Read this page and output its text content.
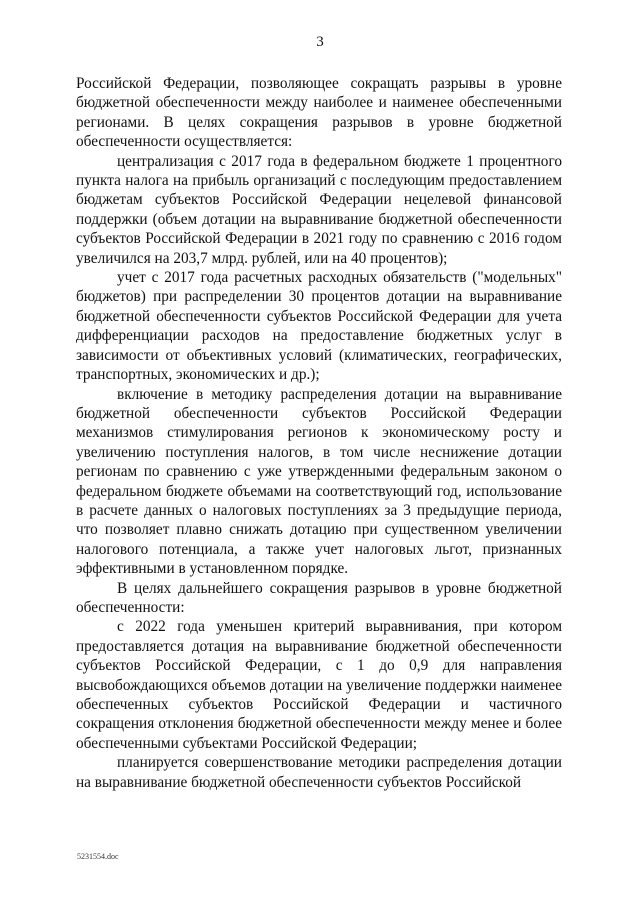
3

Российской Федерации, позволяющее сокращать разрывы в уровне бюджетной обеспеченности между наиболее и наименее обеспеченными регионами. В целях сокращения разрывов в уровне бюджетной обеспеченности осуществляется:

централизация с 2017 года в федеральном бюджете 1 процентного пункта налога на прибыль организаций с последующим предоставлением бюджетам субъектов Российской Федерации нецелевой финансовой поддержки (объем дотации на выравнивание бюджетной обеспеченности субъектов Российской Федерации в 2021 году по сравнению с 2016 годом увеличился на 203,7 млрд. рублей, или на 40 процентов);

учет с 2017 года расчетных расходных обязательств ("модельных" бюджетов) при распределении 30 процентов дотации на выравнивание бюджетной обеспеченности субъектов Российской Федерации для учета дифференциации расходов на предоставление бюджетных услуг в зависимости от объективных условий (климатических, географических, транспортных, экономических и др.);

включение в методику распределения дотации на выравнивание бюджетной обеспеченности субъектов Российской Федерации механизмов стимулирования регионов к экономическому росту и увеличению поступления налогов, в том числе неснижение дотации регионам по сравнению с уже утвержденными федеральным законом о федеральном бюджете объемами на соответствующий год, использование в расчете данных о налоговых поступлениях за 3 предыдущие периода, что позволяет плавно снижать дотацию при существенном увеличении налогового потенциала, а также учет налоговых льгот, признанных эффективными в установленном порядке.

В целях дальнейшего сокращения разрывов в уровне бюджетной обеспеченности:

с 2022 года уменьшен критерий выравнивания, при котором предоставляется дотация на выравнивание бюджетной обеспеченности субъектов Российской Федерации, с 1 до 0,9 для направления высвобождающихся объемов дотации на увеличение поддержки наименее обеспеченных субъектов Российской Федерации и частичного сокращения отклонения бюджетной обеспеченности между менее и более обеспеченными субъектами Российской Федерации;

планируется совершенствование методики распределения дотации на выравнивание бюджетной обеспеченности субъектов Российской

5231554.doc
